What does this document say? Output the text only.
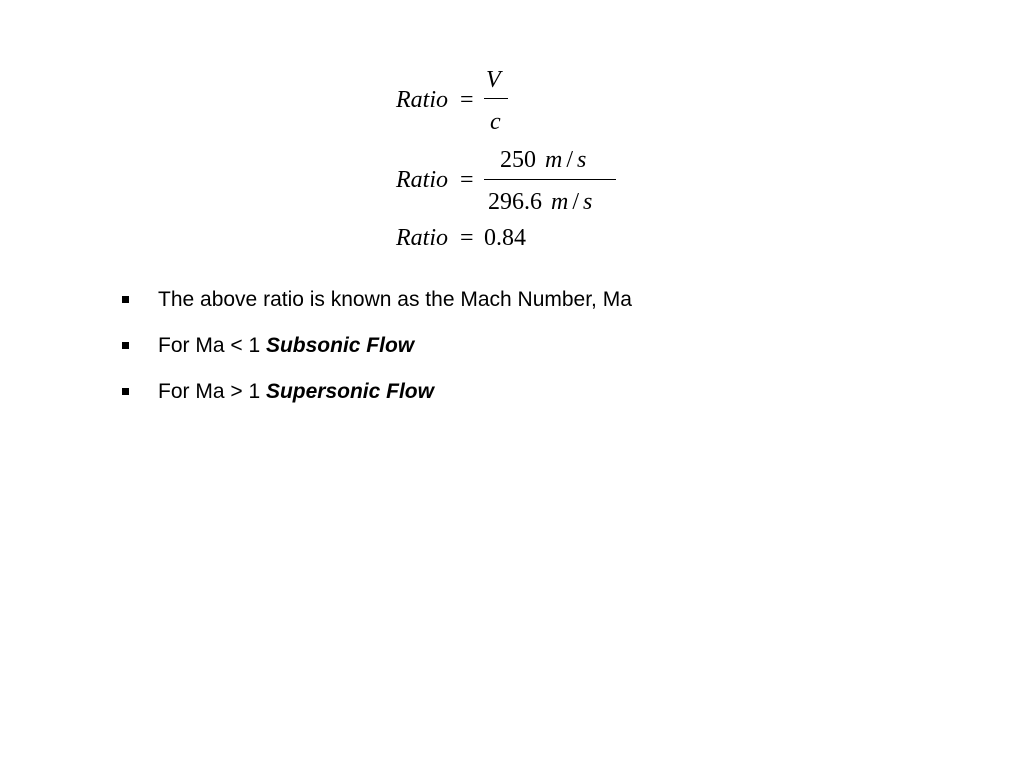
Ratio =
V
c
Ratio =
250 m / s
296.6 m / s
Ratio = 0.84
The above ratio is known as the Mach Number, Ma
For Ma < 1 Subsonic Flow
For Ma > 1 Supersonic Flow
